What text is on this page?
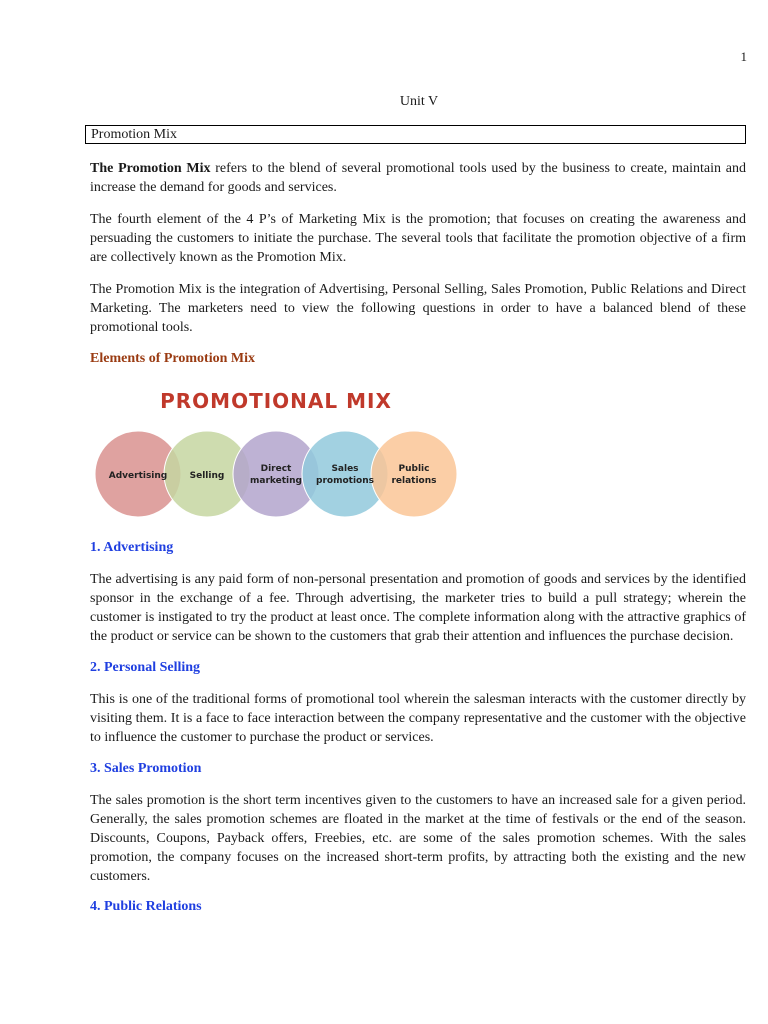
1
Unit V
Promotion Mix

The Promotion Mix refers to the blend of several promotional tools used by the business to create, maintain and increase the demand for goods and services.

The fourth element of the 4 P’s of Marketing Mix is the promotion; that focuses on creating the awareness and persuading the customers to initiate the purchase. The several tools that facilitate the promotion objective of a firm are collectively known as the Promotion Mix.

The Promotion Mix is the integration of Advertising, Personal Selling, Sales Promotion, Public Relations and Direct Marketing. The marketers need to view the following questions in order to have a balanced blend of these promotional tools.

Elements of Promotion Mix

PROMOTIONAL MIX
Advertising Selling
Direct
marketing
Sales
promotions
Public
relations

1. Advertising

The advertising is any paid form of non-personal presentation and promotion of goods and services by the identified sponsor in the exchange of a fee. Through advertising, the marketer tries to build a pull strategy; wherein the customer is instigated to try the product at least once. The complete information along with the attractive graphics of the product or service can be shown to the customers that grab their attention and influences the purchase decision.

2. Personal Selling

This is one of the traditional forms of promotional tool wherein the salesman interacts with the customer directly by visiting them. It is a face to face interaction between the company representative and the customer with the objective to influence the customer to purchase the product or services.

3. Sales Promotion

The sales promotion is the short term incentives given to the customers to have an increased sale for a given period. Generally, the sales promotion schemes are floated in the market at the time of festivals or the end of the season. Discounts, Coupons, Payback offers, Freebies, etc. are some of the sales promotion schemes. With the sales promotion, the company focuses on the increased short-term profits, by attracting both the existing and the new customers.

4. Public Relations
